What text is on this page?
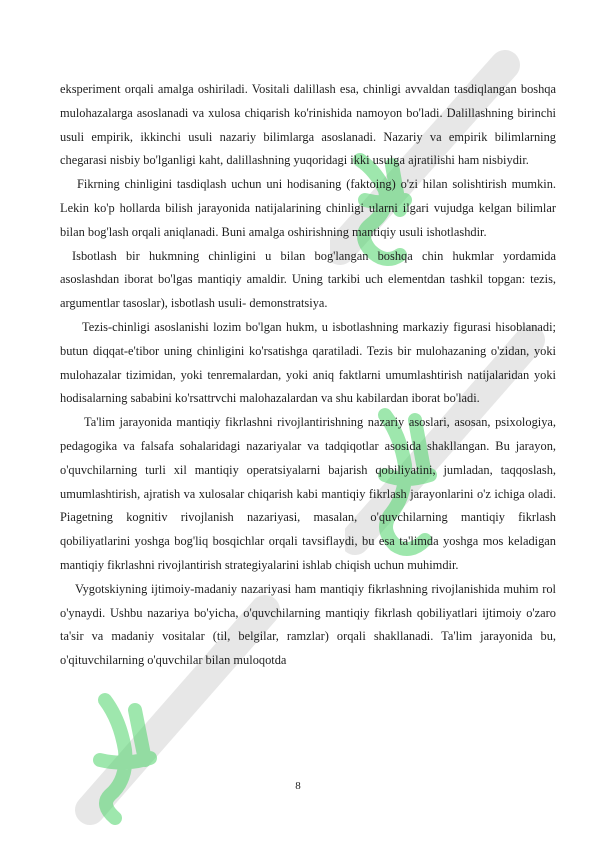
eksperiment orqali amalga oshiriladi. Vositali dalillash esa, chinligi avvaldan tasdiqlangan boshqa mulohazalarga asoslanadi va xulosa chiqarish ko'rinishida namoyon bo'ladi. Dalillashning birinchi usuli empirik, ikkinchi usuli nazariy bilimlarga asoslanadi. Nazariy va empirik bilimlarning chegarasi nisbiy bo'lganligi kaht, dalillashning yuqoridagi ikki usulga ajratilishi ham nisbiydir.

Fikrning chinligini tasdiqlash uchun uni hodisaning (faktoing) o'zi hilan solishtirish mumkin. Lekin ko'p hollarda bilish jarayonida natijalarining chinligi ularni ilgari vujudga kelgan bilimlar bilan bog'lash orqali aniqlanadi. Buni amalga oshirishning mantiqiy usuli ishotlashdir.

Isbotlash bir hukmning chinligini u bilan bog'langan boshqa chin hukmlar yordamida asoslashdan iborat bo'lgas mantiqiy amaldir. Uning tarkibi uch elementdan tashkil topgan: tezis, argumentlar tasoslar), isbotlash usuli- demonstratsiya.

Tezis-chinligi asoslanishi lozim bo'lgan hukm, u isbotlashning markaziy figurasi hisoblanadi; butun diqqat-e'tibor uning chinligini ko'rsatishga qaratiladi. Tezis bir mulohazaning o'zidan, yoki mulohazalar tizimidan, yoki tenremalardan, yoki aniq faktlarni umumlashtirish natijalaridan yoki hodisalarning sababini ko'rsattrvchi malohazalardan va shu kabilardan iborat bo'ladi.

Ta'lim jarayonida mantiqiy fikrlashni rivojlantirishning nazariy asoslari, asosan, psixologiya, pedagogika va falsafa sohalaridagi nazariyalar va tadqiqotlar asosida shakllangan. Bu jarayon, o'quvchilarning turli xil mantiqiy operatsiyalarni bajarish qobiliyatini, jumladan, taqqoslash, umumlashtirish, ajratish va xulosalar chiqarish kabi mantiqiy fikrlash jarayonlarini o'z ichiga oladi. Piagetning kognitiv rivojlanish nazariyasi, masalan, o'quvchilarning mantiqiy fikrlash qobiliyatlarini yoshga bog'liq bosqichlar orqali tavsiflaydi, bu esa ta'limda yoshga mos keladigan mantiqiy fikrlashni rivojlantirish strategiyalarini ishlab chiqish uchun muhimdir.

Vygotskiyning ijtimoiy-madaniy nazariyasi ham mantiqiy fikrlashning rivojlanishida muhim rol o'ynaydi. Ushbu nazariya bo'yicha, o'quvchilarning mantiqiy fikrlash qobiliyatlari ijtimoiy o'zaro ta'sir va madaniy vositalar (til, belgilar, ramzlar) orqali shakllanadi. Ta'lim jarayonida bu, o'qituvchilarning o'quvchilar bilan muloqotda

8
